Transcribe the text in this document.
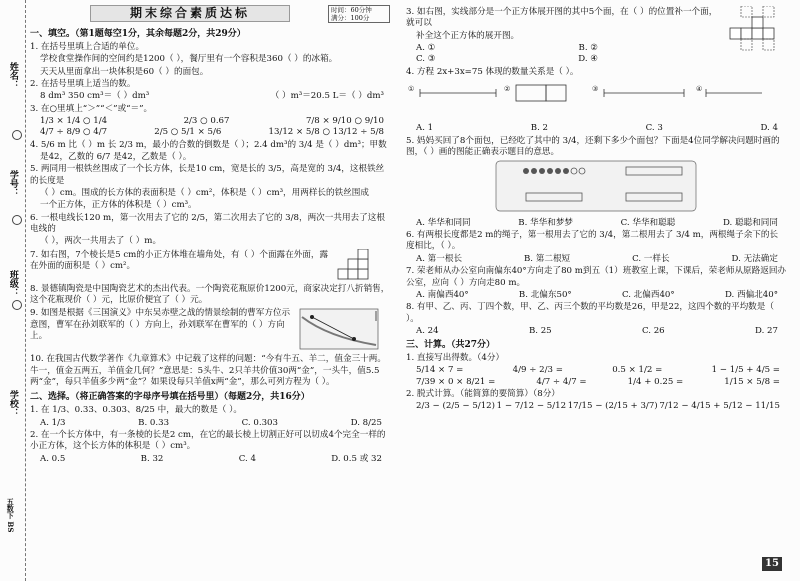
姓名：
学号：
班级：
学校：
五数下 BS
期末综合素质达标	时间：60分钟
满分：100分
一、填空。（第1题每空1分，其余每题2分，共29分）
1. 在括号里填上合适的单位。
学校食堂操作间的空间约是1200（ ），餐厅里有一个容积是360（ ）的冰箱。
天天从里面拿出一块体积是60（ ）的面包。
2. 在括号里填上适当的数。
8 dm³ 350 cm³＝（ ）dm³	（ ）m³＝20.5 L＝（ ）dm³
3. 在○里填上“＞”“＜”或“＝”。
1/3 × 1/4 ○ 1/4	2/3 ○ 0.67	7/8 × 9/10 ○ 9/10
4/7 ÷ 8/9 ○ 4/7	2/5 ○ 5/1 × 5/6	13/12 × 5/8 ○ 13/12 ÷ 5/8
4. 5/6 m 比（ ）m 长 2/3 m，最小的合数的倒数是（ ）；2.4 dm³的 3/4 是（ ）dm³；甲数
是42，乙数的 6/7 是42，乙数是（ ）。
5. 两同用一根铁丝围成了一个长方体，长是10 cm，宽是长的 3/5，高是宽的 3/4，这根铁丝的长度是
（ ）cm。围成的长方体的表面积是（ ）cm²，体积是（ ）cm³，用两样长的铁丝围成
一个正方体，正方体的体积是（ ）cm³。
6. 一根电线长120 m，第一次用去了它的 2/5，第二次用去了它的 3/8，两次一共用去了这根电线的
（ ），两次一共用去了（ ）m。
7. 如右图，7个棱长是5 cm的小正方体堆在墙角处，有（ ）个面露在外面，露在外面的面积是（ ）cm²。
8. 景德镇陶瓷是中国陶瓷艺术的杰出代表。一个陶瓷花瓶原价1200元，商家决定打八折销售，这个花瓶现价（ ）元，比原价便宜了（ ）元。
9. 如图是根据《三国演义》中东吴赤壁之战的情景绘制的曹军方位示意图，曹军在孙刘联军的（ ）方向上，孙刘联军在曹军的（ ）方向上。
10. 在我国古代数学著作《九章算术》中记载了这样的问题：“今有牛五、羊二，值金三十两。牛一，值金五两五，羊值金几何？”意思是：5头牛、2只羊共价值30两“金”，一头牛，值5.5两“金”，每只羊值多少两“金”？如果设每只羊值x两“金”，那么可列方程为（ ）。
二、选择。（将正确答案的字母序号填在括号里）（每题2分，共16分）
1. 在 1/3、0.33、0.303、8/25 中，最大的数是（ ）。
A. 1/3	B. 0.33	C. 0.303	D. 8/25
2. 在一个长方体中，有一条棱的长是2 cm，在它的最长棱上切割正好可以切成4个完全一样的小正方体，这个长方体的体积是（ ）cm³。
A. 0.5	B. 32	C. 4	D. 0.5 或 32
3. 如右图，实线部分是一个正方体展开图的其中5个面，在（ ）的位置补一个面，就可以
补全这个正方体的展开图。
A. ①	B. ②
C. ③	D. ④
4. 方程 2x+3x=75 体现的数量关系是（ ）。
①	②	③	④
A. 1	B. 2	C. 3	D. 4
5. 妈妈买回了8个面包，已经吃了其中的 3/4，还剩下多少个面包？下面是4位同学解决问题时画的图，（ ）画的图能正确表示题目的意思。
A. 华华和同同	B. 华华和梦梦	C. 华华和聪聪	D. 聪聪和同同
6. 有两根长度都是2 m的绳子，第一根用去了它的 3/4，第二根用去了 3/4 m，两根绳子余下的长度相比，（ ）。
A. 第一根长	B. 第二根短	C. 一样长	D. 无法确定
7. 荣老师从办公室向南偏东40°方向走了80 m到五（1）班教室上课，下课后，荣老师从原路返回办公室，应向（ ）方向走80 m。
A. 南偏西40°	B. 北偏东50°	C. 北偏西40°	D. 西偏北40°
8. 有甲、乙、丙、丁四个数，甲、乙、丙三个数的平均数是26，甲是22，这四个数的平均数是（ ）。
A. 24	B. 25	C. 26	D. 27
三、计算。（共27分）
1. 直接写出得数。（4分）
5/14 × 7 =	4/9 ÷ 2/3 =	0.5 × 1/2 =	1 − 1/5 + 4/5 =
7/39 × 0 × 8/21 =	4/7 ÷ 4/7 =	1/4 + 0.25 =	1/15 × 5/8 =
2. 脱式计算。（能简算的要简算）（8分）
2/3 − (2/5 − 5/12) 1 − 7/12 − 5/12 17/15 − (2/15 + 3/7) 7/12 − 4/15 + 5/12 − 11/15
15
